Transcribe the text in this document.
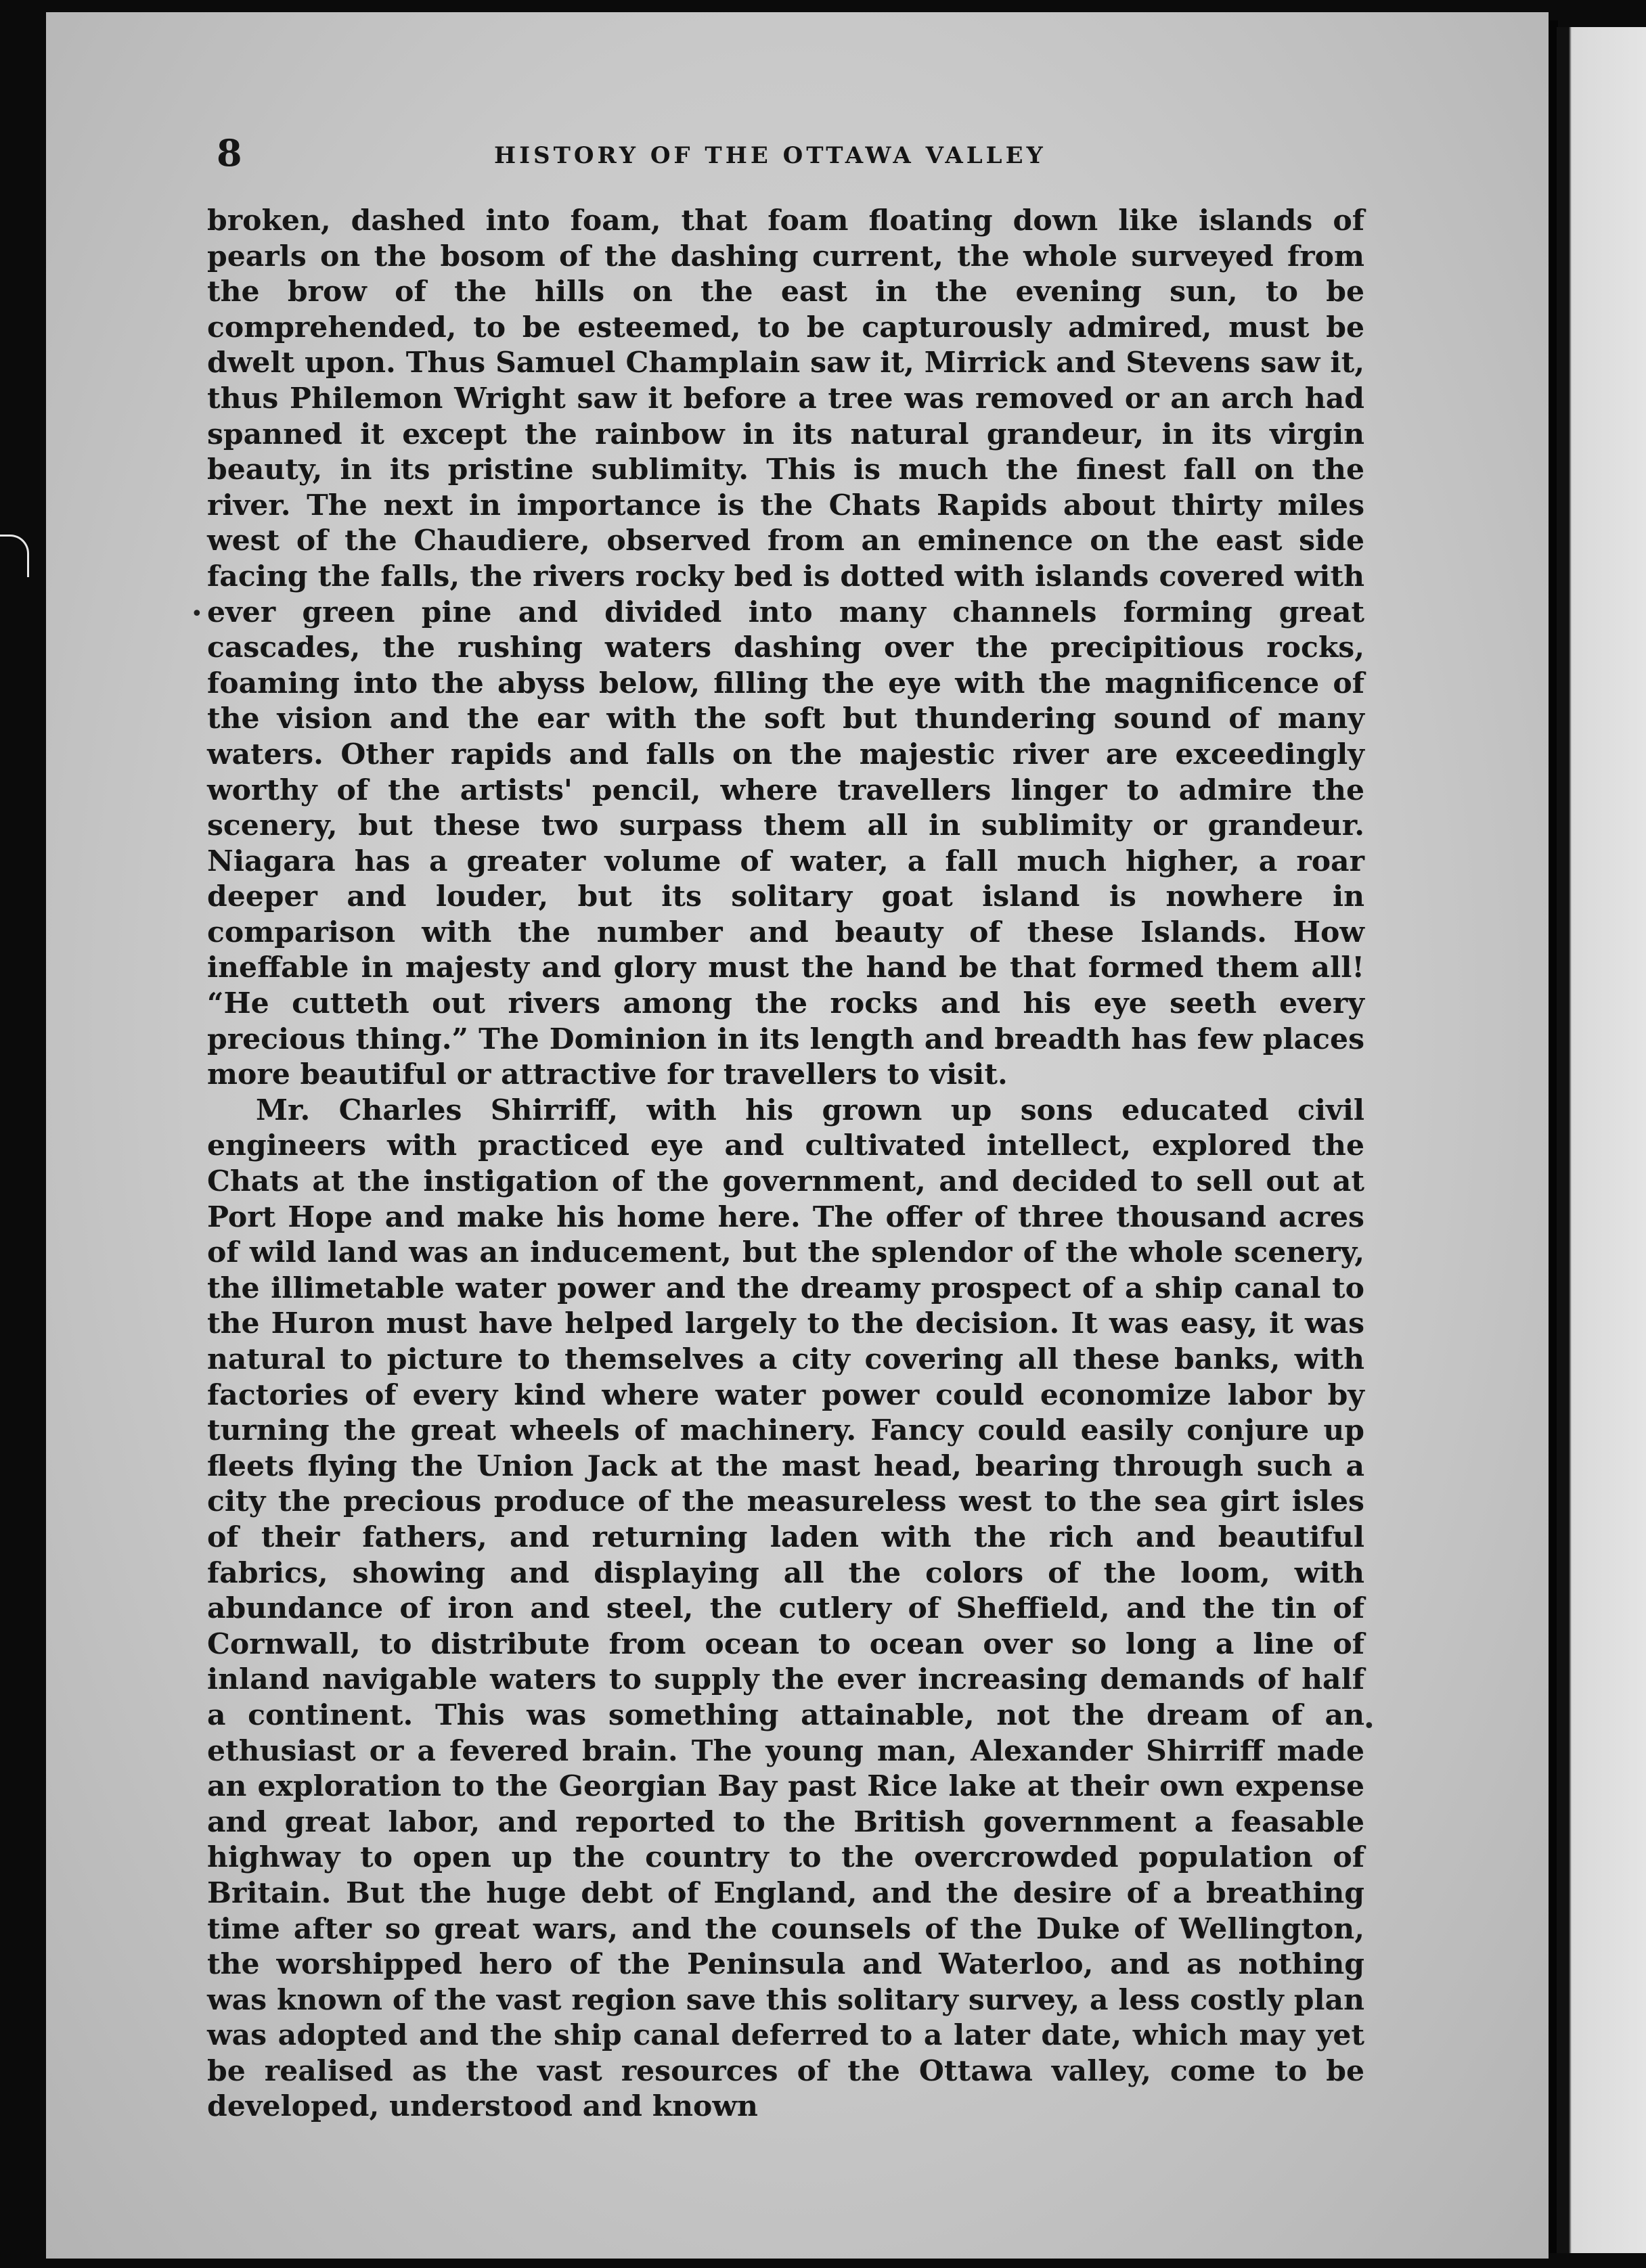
8	HISTORY OF THE OTTAWA VALLEY

broken, dashed into foam, that foam floating down like islands of pearls on the bosom of the dashing current, the whole surveyed from the brow of the hills on the east in the evening sun, to be comprehended, to be esteemed, to be capturously admired, must be dwelt upon. Thus Samuel Champlain saw it, Mirrick and Stevens saw it, thus Philemon Wright saw it before a tree was removed or an arch had spanned it except the rainbow in its natural grandeur, in its virgin beauty, in its pristine sublimity. This is much the finest fall on the river. The next in importance is the Chats Rapids about thirty miles west of the Chaudiere, observed from an eminence on the east side facing the falls, the rivers rocky bed is dotted with islands covered with ever green pine and divided into many channels forming great cascades, the rushing waters dashing over the precipitious rocks, foaming into the abyss below, filling the eye with the magnificence of the vision and the ear with the soft but thundering sound of many waters. Other rapids and falls on the majestic river are exceedingly worthy of the artists' pencil, where travellers linger to admire the scenery, but these two surpass them all in sublimity or grandeur. Niagara has a greater volume of water, a fall much higher, a roar deeper and louder, but its solitary goat island is nowhere in comparison with the number and beauty of these Islands. How ineffable in majesty and glory must the hand be that formed them all! “He cutteth out rivers among the rocks and his eye seeth every precious thing.” The Dominion in its length and breadth has few places more beautiful or attractive for travellers to visit.

Mr. Charles Shirriff, with his grown up sons educated civil engineers with practiced eye and cultivated intellect, explored the Chats at the instigation of the government, and decided to sell out at Port Hope and make his home here. The offer of three thousand acres of wild land was an inducement, but the splendor of the whole scenery, the illimetable water power and the dreamy prospect of a ship canal to the Huron must have helped largely to the decision. It was easy, it was natural to picture to themselves a city covering all these banks, with factories of every kind where water power could economize labor by turning the great wheels of machinery. Fancy could easily conjure up fleets flying the Union Jack at the mast head, bearing through such a city the precious produce of the measureless west to the sea girt isles of their fathers, and returning laden with the rich and beautiful fabrics, showing and displaying all the colors of the loom, with abundance of iron and steel, the cutlery of Sheffield, and the tin of Cornwall, to distribute from ocean to ocean over so long a line of inland navigable waters to supply the ever increasing demands of half a continent. This was something attainable, not the dream of an ethusiast or a fevered brain. The young man, Alexander Shirriff made an exploration to the Georgian Bay past Rice lake at their own expense and great labor, and reported to the British government a feasable highway to open up the country to the overcrowded population of Britain. But the huge debt of England, and the desire of a breathing time after so great wars, and the counsels of the Duke of Wellington, the worshipped hero of the Peninsula and Waterloo, and as nothing was known of the vast region save this solitary survey, a less costly plan was adopted and the ship canal deferred to a later date, which may yet be realised as the vast resources of the Ottawa valley, come to be developed, understood and known

•
•
